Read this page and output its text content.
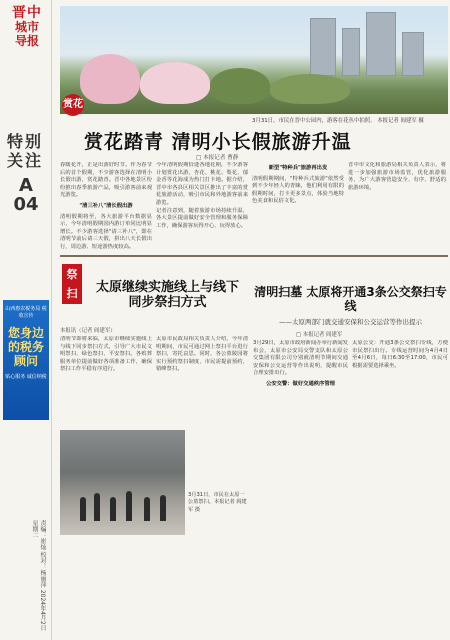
晋中
城市
导报
特别关注
A
04
山西惠农税务局 税收宣传
您身边的税务顾问
贴心服务 诚信纳税
责编：崔灿 校对：杨丽萍 2024年4月2日 星期二
赏花
3月31日，市民在晋中公园内，游客在花丛中拍照。 本报记者 阎建军 摄
赏花踏青 清明小长假旅游升温
□ 本报记者 曹静
春暖花开，正是出游好时节。作为春节后的首个假期，不少游客选择在清明小长假出游，赏花踏青。晋中各地景区纷纷推出春季旅游产品，吸引游客前来观光游览。
"清三补八"清长假出游
清明假期将至，各大旅游平台数据显示，今年清明假期国内游订单同比明显增长。不少游客选择"请三补八"，即在清明节前后请三天假，拼出八天长假出行，周边游、短途游热度较高。
今年清明假期恰逢各地花期，不少游客计划赏花出游，杏花、桃花、梨花、郁金香等花海成为热门打卡地。据介绍，晋中市各县区相关景区推出了丰富的赏花旅游活动，吸引市民和外地游客前来游览。
记者注意到，随着旅游市场持续升温，各大景区提前做好安全管理和服务保障工作，确保游客玩得开心、玩得放心。
新型"特种兵"旅游再出发
清明假期期间，"特种兵式旅游"依然受到不少年轻人的青睐，他们利用有限的假期时间，打卡更多景点，体验当地特色美食和民俗文化。
晋中市文化和旅游局相关负责人表示，将进一步加强旅游市场监管，优化旅游服务，为广大游客营造安全、有序、舒适的旅游环境。
祭扫	太原继续实施线上与线下同步祭扫方式
本报讯（记者 阎建军）
清明节即将来临，太原市继续实施线上与线下同步祭扫方式，引导广大市民文明祭扫、绿色祭扫、平安祭扫。各殡葬服务单位提前做好各项准备工作，确保祭扫工作平稳有序进行。
太原市民政局相关负责人介绍，今年清明期间，市民可通过网上祭扫平台进行祭扫，寄托哀思。同时，各公墓陵园将实行预约祭扫制度，市民需提前预约，错峰祭扫。
3月31日，市民在太原一公墓祭扫。本报记者 阎建军 摄
清明扫墓 太原将开通3条公交祭扫专线
——太原两部门就交通安保和公交运营等作出提示
□ 本报记者 阎建军
3月29日，太原市政府新闻办举行新闻发布会，太原市公安局交警支队和太原公交集团有限公司分别就清明节期间交通安保和公交运营等作出说明，提醒市民合理安排出行。
公安交警：做好交通秩序管理
太原公交：开通3条公交祭扫专线，方便市民祭扫出行。专线运营时间为4月4日至4月6日，每日6:30至17:00，市民可根据需要选择乘坐。
